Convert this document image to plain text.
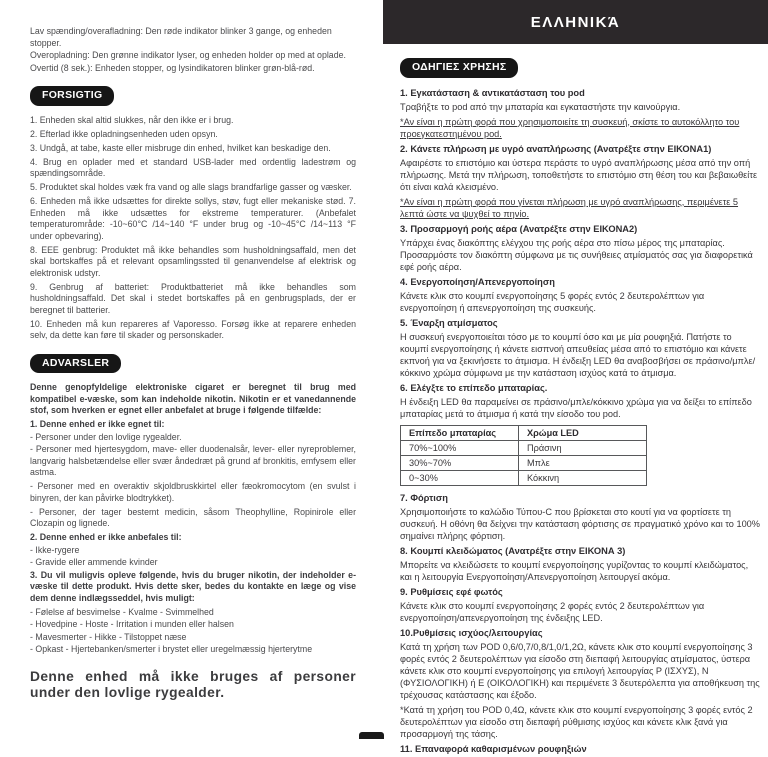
Lav spænding/overafladning: Den røde indikator blinker 3 gange, og enheden stopper.

Overopladning: Den grønne indikator lyser, og enheden holder op med at oplade.

Overtid (8 sek.): Enheden stopper, og lysindikatoren blinker grøn-blå-rød.

FORSIGTIG

1. Enheden skal altid slukkes, når den ikke er i brug.

2. Efterlad ikke opladningsenheden uden opsyn.

3. Undgå, at tabe, kaste eller misbruge din enhed, hvilket kan beskadige den.

4. Brug en oplader med et standard USB-lader med ordentlig ladestrøm og spændingsområde.

5. Produktet skal holdes væk fra vand og alle slags brandfarlige gasser og væsker.

6. Enheden må ikke udsættes for direkte sollys, støv, fugt eller mekaniske stød. 7. Enheden må ikke udsættes for ekstreme temperaturer. (Anbefalet temperaturområde: -10~60°C /14~140 °F under brug og -10~45°C /14~113 °F under opbevaring).

8. EEE genbrug: Produktet må ikke behandles som husholdningsaffald, men det skal bortskaffes på et relevant opsamlingssted til genanvendelse af elektrisk og elektronisk udstyr.

9. Genbrug af batteriet: Produktbatteriet må ikke behandles som husholdningsaffald. Det skal i stedet bortskaffes på en genbrugsplads, der er beregnet til batterier.

10. Enheden må kun repareres af Vaporesso. Forsøg ikke at reparere enheden selv, da dette kan føre til skader og personskader.

ADVARSLER

Denne genopfyldelige elektroniske cigaret er beregnet til brug med kompatibel e-væske, som kan indeholde nikotin. Nikotin er et vanedannende stof, som hverken er egnet eller anbefalet at bruge i følgende tilfælde:

1. Denne enhed er ikke egnet til:

- Personer under den lovlige rygealder.

- Personer med hjertesygdom, mave- eller duodenalsår, lever- eller nyreproblemer, langvarig halsbetændelse eller svær åndedræt på grund af bronkitis, emfysem eller astma.

- Personer med en overaktiv skjoldbruskkirtel eller fæokromocytom (en svulst i binyren, der kan påvirke blodtrykket).

- Personer, der tager bestemt medicin, såsom Theophylline, Ropinirole eller Clozapin og lignede.

2. Denne enhed er ikke anbefales til:

- Ikke-rygere

- Gravide eller ammende kvinder

3. Du vil muligvis opleve følgende, hvis du bruger nikotin, der indeholder e-væske til dette produkt. Hvis dette sker, bedes du kontakte en læge og vise dem denne indlægsseddel, hvis muligt:

- Følelse af besvimelse - Kvalme - Svimmelhed

- Hovedpine - Hoste - Irritation i munden eller halsen

- Mavesmerter - Hikke - Tilstoppet næse

- Opkast - Hjertebanken/smerter i brystet eller uregelmæssig hjerterytme

Denne enhed må ikke bruges af personer under den lovlige rygealder.

ΕΛΛΗΝΙΚΆ
ΟΔΗΓΙΕΣ ΧΡΗΣΗΣ

1. Εγκατάσταση & αντικατάσταση του pod

Τραβήξτε το pod από την μπαταρία και εγκαταστήστε την καινούργια.

*Αν είναι η πρώτη φορά που χρησιμοποιείτε τη συσκευή, σκίστε το αυτοκόλλητο του προεγκατεστημένου pod.

2. Κάνετε πλήρωση με υγρό αναπλήρωσης (Ανατρέξτε στην ΕΙΚΟΝΑ1)

Αφαιρέστε το επιστόμιο και ύστερα περάστε το υγρό αναπλήρωσης μέσα από την οπή πλήρωσης. Μετά την πλήρωση, τοποθετήστε το επιστόμιο στη θέση του και βεβαιωθείτε ότι είναι καλά κλεισμένο.

*Αν είναι η πρώτη φορά που γίνεται πλήρωση με υγρό αναπλήρωσης, περιμένετε 5 λεπτά ώστε να ψυχθεί το πηνίο.

3. Προσαρμογή ροής αέρα (Ανατρέξτε στην ΕΙΚΟΝΑ2)

Υπάρχει ένας διακόπτης ελέγχου της ροής αέρα στο πίσω μέρος της μπαταρίας. Προσαρμόστε τον διακόπτη σύμφωνα με τις συνήθειες ατμίσματός σας για διαφορετικά εφέ ροής αέρα.

4. Ενεργοποίηση/Απενεργοποίηση

Κάνετε κλικ στο κουμπί ενεργοποίησης 5 φορές εντός 2 δευτερολέπτων για ενεργοποίηση ή απενεργοποίηση της συσκευής.

5. Έναρξη ατμίσματος

Η συσκευή ενεργοποιείται τόσο με το κουμπί όσο και με μία ρουφηξιά. Πατήστε το κουμπί ενεργοποίησης ή κάνετε εισπνοή απευθείας μέσα από το επιστόμιο και κάνετε εκπνοή για να ξεκινήσετε το άτμισμα. Η ένδειξη LED θα αναβοσβήσει σε πράσινο/μπλε/κόκκινο χρώμα σύμφωνα με την κατάσταση ισχύος κατά το άτμισμα.

6. Ελέγξτε το επίπεδο μπαταρίας.

Η ένδειξη LED θα παραμείνει σε πράσινο/μπλε/κόκκινο χρώμα για να δείξει το επίπεδο μπαταρίας μετά το άτμισμα ή κατά την είσοδο του pod.

Επίπεδο μπαταρίας	Χρώμα LED
70%~100%	Πράσινη
30%~70%	Μπλε
0~30%	Κόκκινη

7. Φόρτιση

Χρησιμοποιήστε το καλώδιο Τύπου-C που βρίσκεται στο κουτί για να φορτίσετε τη συσκευή. Η οθόνη θα δείχνει την κατάσταση φόρτισης σε πραγματικό χρόνο και το 100% σημαίνει πλήρης φόρτιση.

8. Κουμπί κλειδώματος (Ανατρέξτε στην ΕΙΚΟΝΑ 3)

Μπορείτε να κλειδώσετε το κουμπί ενεργοποίησης γυρίζοντας το κουμπί κλειδώματος, και η λειτουργία Ενεργοποίηση/Απενεργοποίηση λειτουργεί ακόμα.

9. Ρυθμίσεις εφέ φωτός

Κάνετε κλικ στο κουμπί ενεργοποίησης 2 φορές εντός 2 δευτερολέπτων για ενεργοποίηση/απενεργοποίηση της ένδειξης LED.

10.Ρυθμίσεις ισχύος/λειτουργίας

Κατά τη χρήση των POD 0,6/0,7/0,8/1,0/1,2Ω, κάνετε κλικ στο κουμπί ενεργοποίησης 3 φορές εντός 2 δευτερολέπτων για είσοδο στη διεπαφή λειτουργίας ατμίσματος, ύστερα κάνετε κλικ στο κουμπί ενεργοποίησης για επιλογή λειτουργίας P (ΙΣΧΥΣ), N (ΦΥΣΙΟΛΟΓΙΚΗ) ή E (ΟΙΚΟΛΟΓΙΚΗ) και περιμένετε 3 δευτερόλεπτα για αποθήκευση της τρέχουσας κατάστασης και έξοδο.

*Κατά τη χρήση του POD 0,4Ω, κάνετε κλικ στο κουμπί ενεργοποίησης 3 φορές εντός 2 δευτερολέπτων για είσοδο στη διεπαφή ρύθμισης ισχύος και κάνετε κλικ ξανά για προσαρμογή της τάσης.

11. Επαναφορά καθαρισμένων ρουφηξιών
